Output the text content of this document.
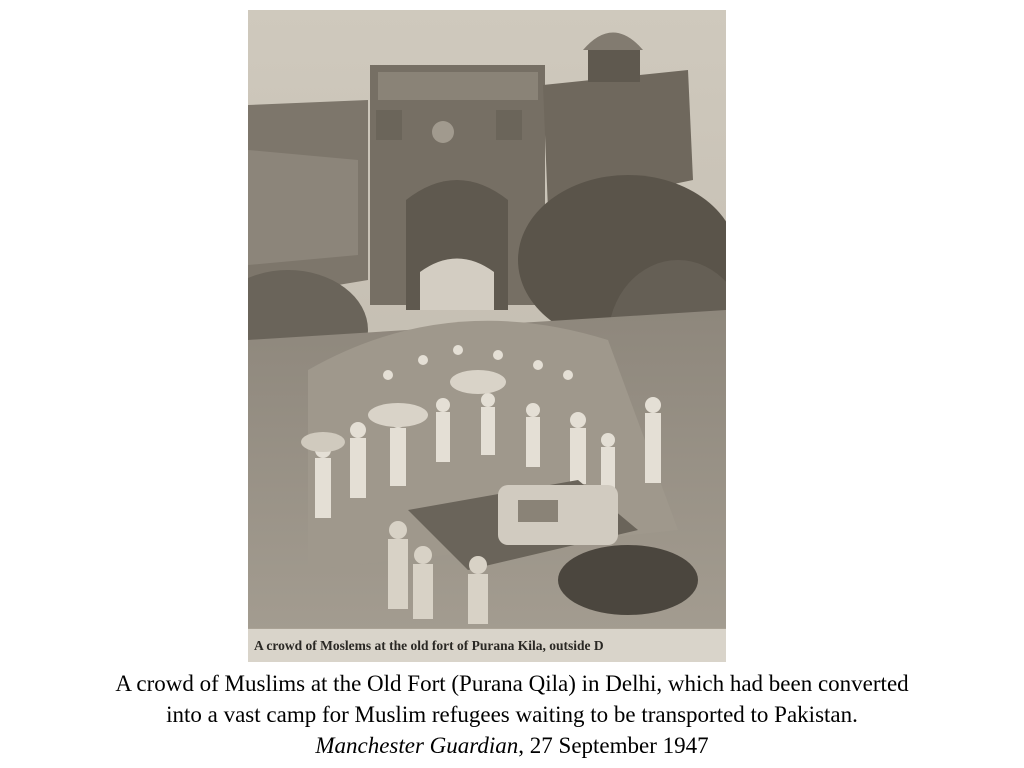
A crowd of Moslems at the old fort of Purana Kila, outside D
A crowd of Muslims at the Old Fort (Purana Qila) in Delhi, which had been converted
into a vast camp for Muslim refugees waiting to be transported to Pakistan.
Manchester Guardian, 27 September 1947
